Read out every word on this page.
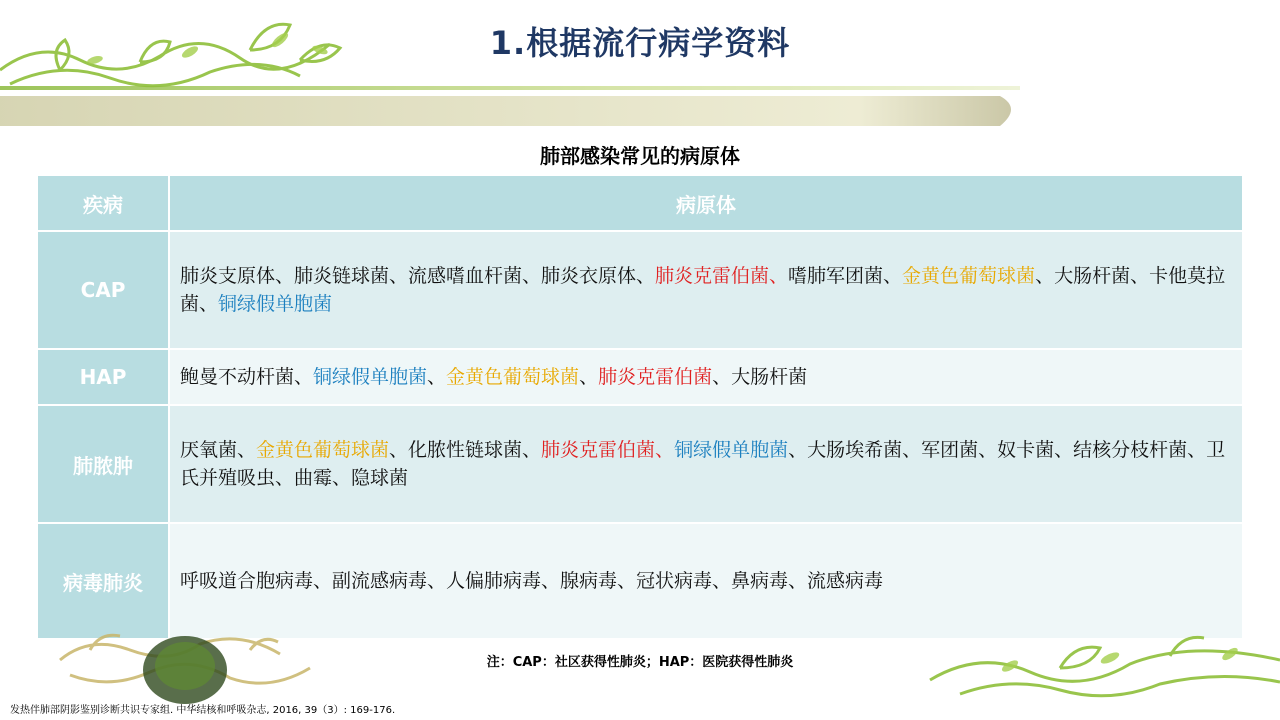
1.根据流行病学资料
肺部感染常见的病原体
疾病	病原体
CAP	肺炎支原体、肺炎链球菌、流感嗜血杆菌、肺炎衣原体、肺炎克雷伯菌、嗜肺军团菌、金黄色葡萄球菌、大肠杆菌、卡他莫拉菌、铜绿假单胞菌
HAP	鲍曼不动杆菌、铜绿假单胞菌、金黄色葡萄球菌、肺炎克雷伯菌、大肠杆菌
肺脓肿	厌氧菌、金黄色葡萄球菌、化脓性链球菌、肺炎克雷伯菌、铜绿假单胞菌、大肠埃希菌、军团菌、奴卡菌、结核分枝杆菌、卫氏并殖吸虫、曲霉、隐球菌
病毒肺炎	呼吸道合胞病毒、副流感病毒、人偏肺病毒、腺病毒、冠状病毒、鼻病毒、流感病毒
注：CAP：社区获得性肺炎；HAP：医院获得性肺炎
发热伴肺部阴影鉴别诊断共识专家组. 中华结核和呼吸杂志, 2016, 39（3）: 169-176.
